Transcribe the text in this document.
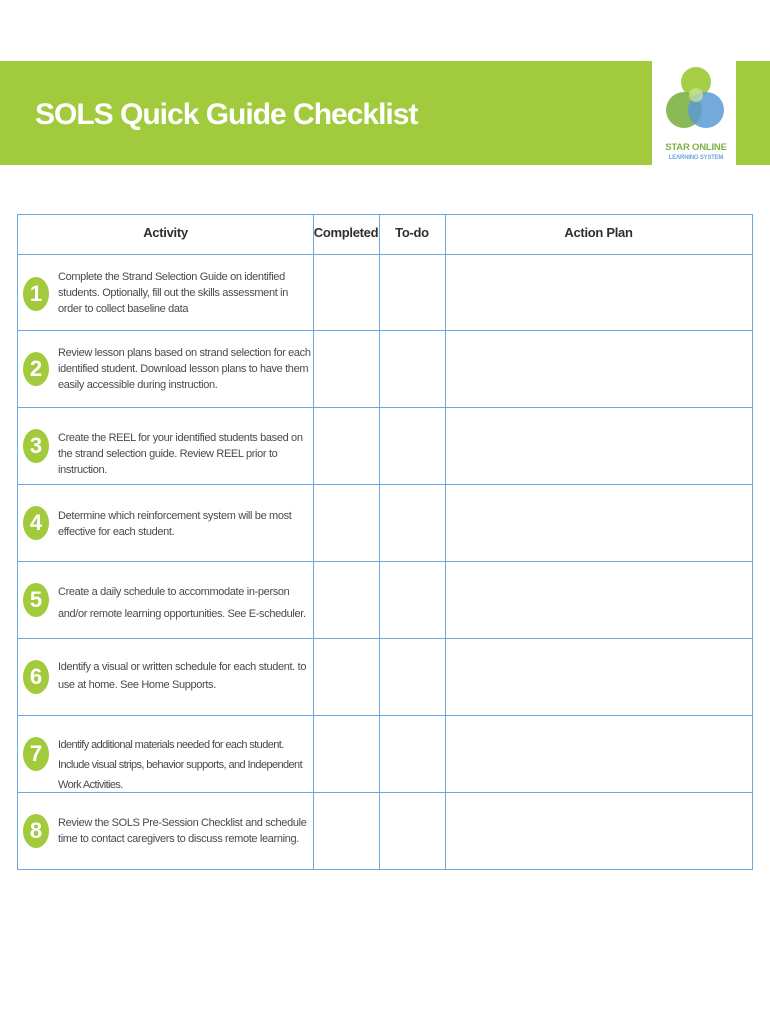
SOLS Quick Guide Checklist
STAR ONLINE
LEARNING SYSTEM
Activity	Completed	To-do	Action Plan
1
Complete the Strand Selection Guide on identified students. Optionally, fill out the skills assessment in order to collect baseline data
2
Review lesson plans based on strand selection for each identified student. Download lesson plans to have them easily accessible during instruction.
3	Create the REEL for your identified students based on the strand selection guide. Review REEL prior to instruction.
4	Determine which reinforcement system will be most effective for each student.
5	Create a daily schedule to accommodate in-person and/or remote learning opportunities. See E-scheduler.
6	Identify a visual or written schedule for each student. to use at home. See Home Supports.
7	Identify additional materials needed for each student. Include visual strips, behavior supports, and Independent Work Activities.
8	Review the SOLS Pre-Session Checklist and schedule time to contact caregivers to discuss remote learning.
